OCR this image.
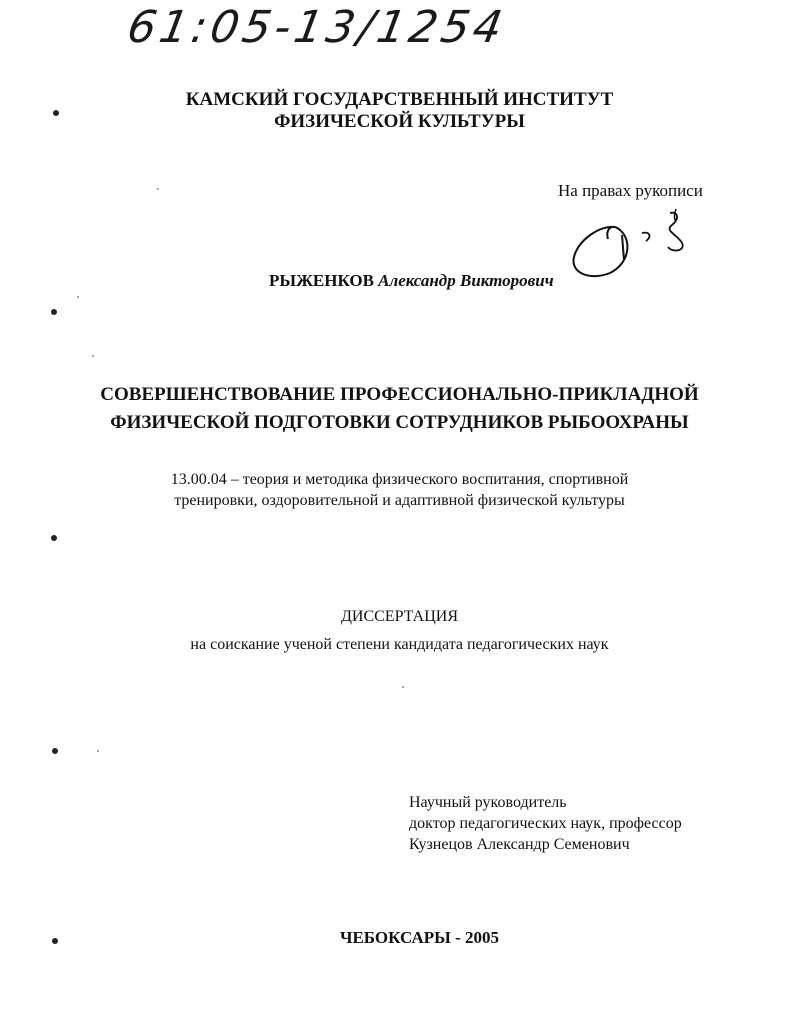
61:05-13/1254
КАМСКИЙ ГОСУДАРСТВЕННЫЙ ИНСТИТУТ
ФИЗИЧЕСКОЙ КУЛЬТУРЫ
На правах рукописи
РЫЖЕНКОВ Александр Викторович
СОВЕРШЕНСТВОВАНИЕ ПРОФЕССИОНАЛЬНО-ПРИКЛАДНОЙ
ФИЗИЧЕСКОЙ ПОДГОТОВКИ СОТРУДНИКОВ РЫБООХРАНЫ
13.00.04 – теория и методика физического воспитания, спортивной
тренировки, оздоровительной и адаптивной физической культуры
ДИССЕРТАЦИЯ
на соискание ученой степени кандидата педагогических наук
Научный руководитель
доктор педагогических наук, профессор
Кузнецов Александр Семенович
ЧЕБОКСАРЫ - 2005
